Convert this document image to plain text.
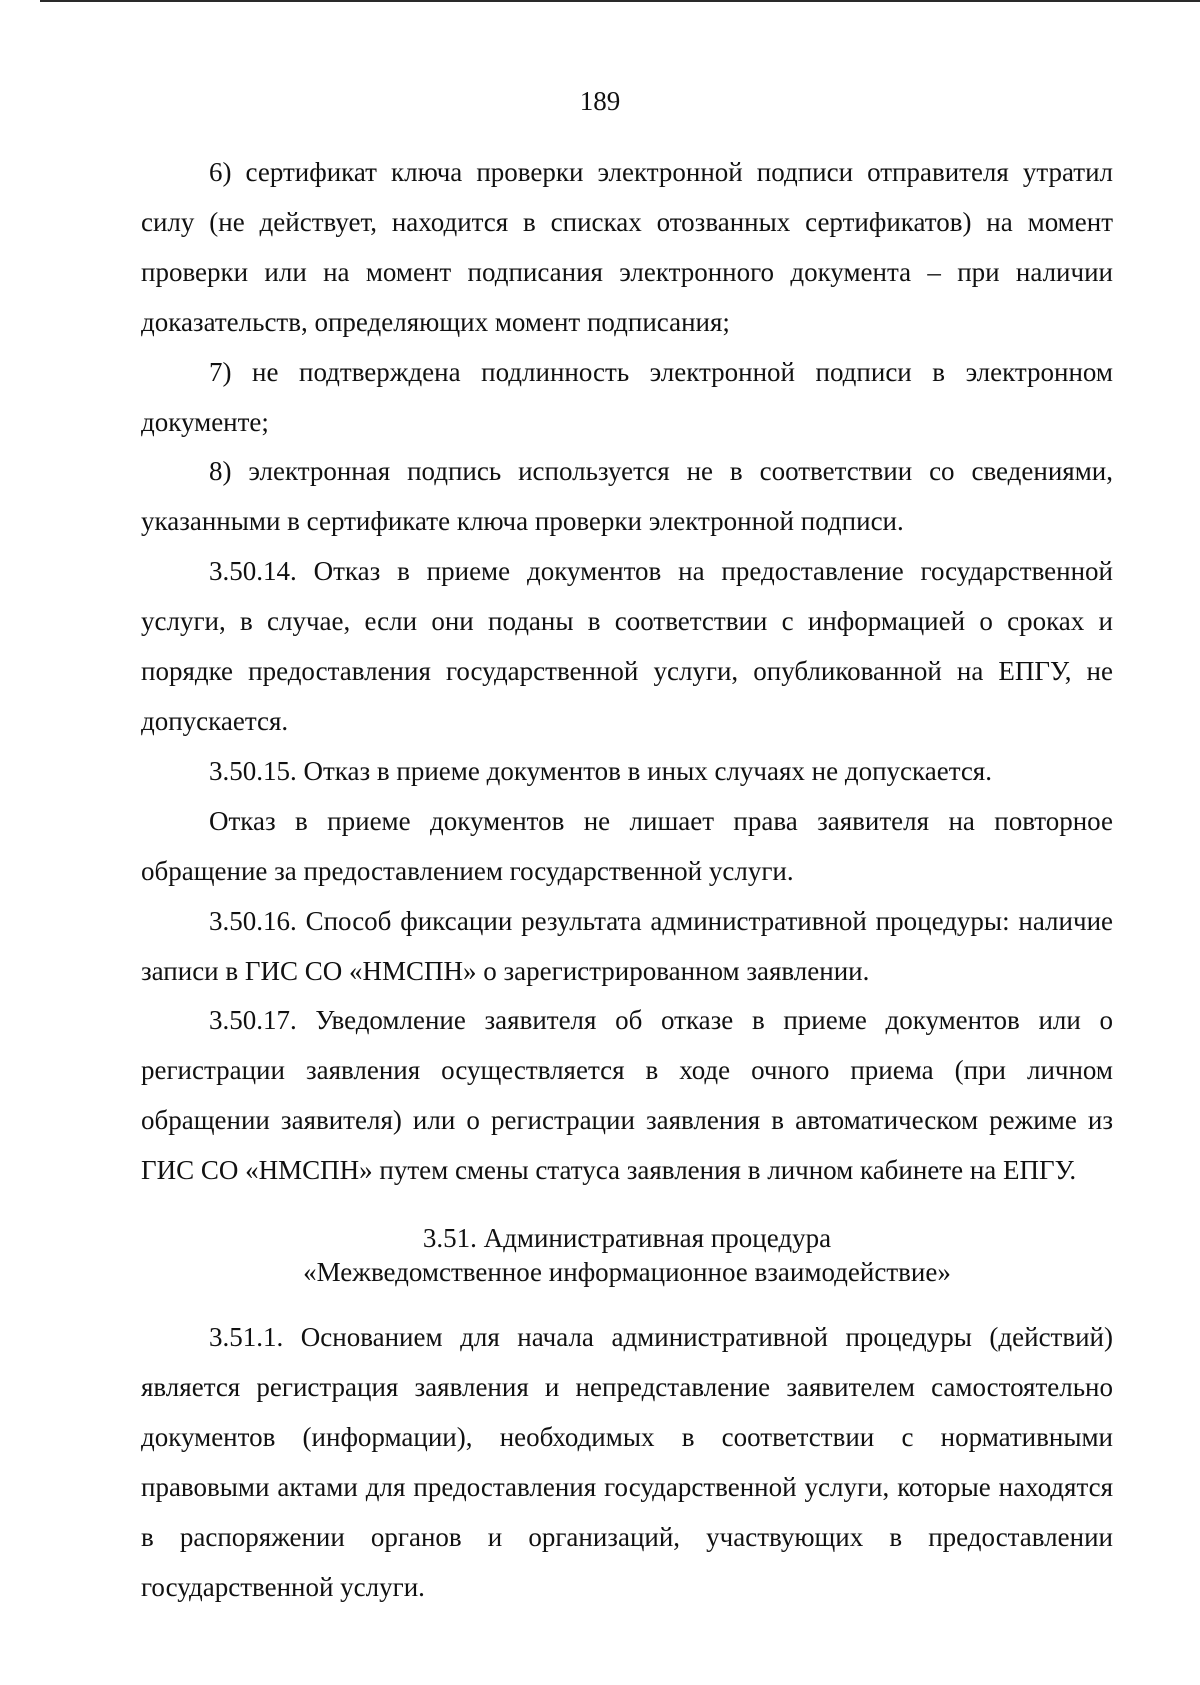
189

6) сертификат ключа проверки электронной подписи отправителя утратил силу (не действует, находится в списках отозванных сертификатов) на момент проверки или на момент подписания электронного документа – при наличии доказательств, определяющих момент подписания;

7) не подтверждена подлинность электронной подписи в электронном документе;

8) электронная подпись используется не в соответствии со сведениями, указанными в сертификате ключа проверки электронной подписи.

3.50.14. Отказ в приеме документов на предоставление государственной услуги, в случае, если они поданы в соответствии с информацией о сроках и порядке предоставления государственной услуги, опубликованной на ЕПГУ, не допускается.

3.50.15. Отказ в приеме документов в иных случаях не допускается.

Отказ в приеме документов не лишает права заявителя на повторное обращение за предоставлением государственной услуги.

3.50.16. Способ фиксации результата административной процедуры: наличие записи в ГИС СО «НМСПН» о зарегистрированном заявлении.

3.50.17. Уведомление заявителя об отказе в приеме документов или о регистрации заявления осуществляется в ходе очного приема (при личном обращении заявителя) или о регистрации заявления в автоматическом режиме из ГИС СО «НМСПН» путем смены статуса заявления в личном кабинете на ЕПГУ.

3.51. Административная процедура
«Межведомственное информационное взаимодействие»

3.51.1. Основанием для начала административной процедуры (действий) является регистрация заявления и непредставление заявителем самостоятельно документов (информации), необходимых в соответствии с нормативными правовыми актами для предоставления государственной услуги, которые находятся в распоряжении органов и организаций, участвующих в предоставлении государственной услуги.
